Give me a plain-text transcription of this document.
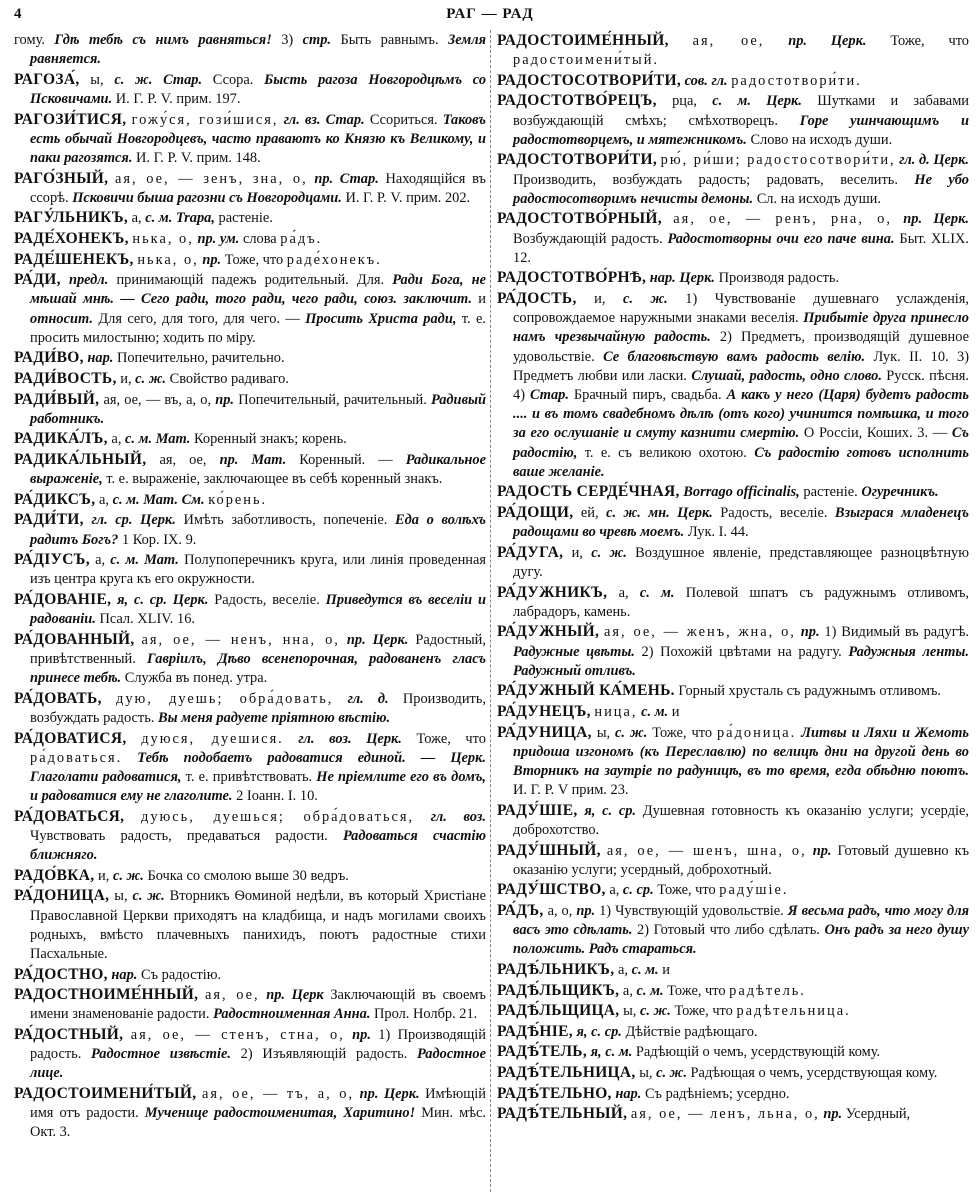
4	РАГ — РАД

гому. Гдѣ тебѣ съ нимъ равняться! 3) стр. Быть равнымъ. Земля равняется.

РАГОЗА́, ы, с. ж. Стар. Ссора. Бысть рагоза Новгородцѣмъ со Псковичами. И. Г. Р. V. прим. 197.

РАГОЗИ́ТИСЯ, гожу́ся, гози́шися, гл. вз. Стар. Ссориться. Таковъ есть обычай Новгородцевъ, часто праваютъ ко Князю къ Великому, и паки рагозятся. И. Г. Р. V. прим. 148.

РАГО́ЗНЫЙ, ая, ое, — зенъ, зна, о, пр. Стар. Находящійся въ ссорѣ. Псковичи быша рагозни съ Новгородцами. И. Г. Р. V. прим. 202.

РАГУ́ЛЬНИКЪ, а, с. м. Trapa, растеніе.

РАДЕ́ХОНЕКЪ, нька, о, пр. ум. слова ра́дъ.

РАДЕ́ШЕНЕКЪ, нька, о, пр. Тоже, что раде́хонекъ.

РА́ДИ, предл. принимающій падежъ родительный. Для. Ради Бога, не мѣшай мнѣ. — Сего ради, того ради, чего ради, союз. заключит. и относит. Для сего, для того, для чего. — Просить Христа ради, т. е. просить милостыню; ходить по міру.

РАДИ́ВО, нар. Попечительно, рачительно.

РАДИ́ВОСТЬ, и, с. ж. Свойство радиваго.

РАДИ́ВЫЙ, ая, ое, — въ, а, о, пр. Попечительный, рачительный. Радивый работникъ.

РАДИКА́ЛЪ, а, с. м. Мат. Коренный знакъ; корень.

РАДИКА́ЛЬНЫЙ, ая, ое, пр. Мат. Коренный. — Радикальное выраженіе, т. е. выраженіе, заключающее въ себѣ коренный знакъ.

РА́ДИКСЪ, а, с. м. Мат. См. ко́рень.

РАДИ́ТИ, гл. ср. Церк. Имѣть заботливость, попеченіе. Еда о волѣхъ радитъ Богъ? 1 Кор. IX. 9.

РА́ДІУСЪ, а, с. м. Мат. Полупоперечникъ круга, или линія проведенная изъ центра круга къ его окружности.

РА́ДОВАНІЕ, я, с. ср. Церк. Радость, веселіе. Приведутся въ веселіи и радованіи. Псал. XLIV. 16.

РА́ДОВАННЫЙ, ая, ое, — ненъ, нна, о, пр. Церк. Радостный, привѣтственный. Гавріилъ, Дѣво всенепорочная, радованенъ гласъ принесе тебѣ. Служба въ понед. утра.

РА́ДОВАТЬ, дую, дуешь; обра́довать, гл. д. Производить, возбуждать радость. Вы меня радуете пріятною вѣстію.

РА́ДОВАТИСЯ, дуюся, дуешися. гл. воз. Церк. Тоже, что ра́доваться. Тебѣ подобаетъ радоватися единой. — Церк. Глаголати радоватися, т. е. привѣтствовать. Не пріемлите его въ домъ, и радоватися ему не глаголите. 2 Іоанн. I. 10.

РА́ДОВАТЬСЯ, дуюсь, дуешься; обра́доваться, гл. воз. Чувствовать радость, предаваться радости. Радоваться счастію ближняго.

РАДО́ВКА, и, с. ж. Бочка со смолою выше 30 ведръ.

РА́ДОНИЦА, ы, с. ж. Вторникъ Ѳоминой недѣли, въ который Христіане Православной Церкви приходятъ на кладбища, и надъ могилами своихъ родныхъ, вмѣсто плачевныхъ панихидъ, поютъ радостные стихи Пасхальные.

РА́ДОСТНО, нар. Съ радостію.

РАДОСТНОИМЕ́ННЫЙ, ая, ое, пр. Церк Заключающій въ своемъ имени знаменованіе радости. Радостноименная Анна. Прол. Нолбр. 21.

РА́ДОСТНЫЙ, ая, ое, — стенъ, стна, о, пр. 1) Производящій радость. Радостное извѣстіе. 2) Изъявляющій радость. Радостное лице.

РАДОСТОИМЕНИ́ТЫЙ, ая, ое, — тъ, а, о, пр. Церк. Имѣющій имя отъ радости. Мученице радостоименитая, Харитино! Мин. мѣс. Окт. 3.

РАДОСТОИМЕ́ННЫЙ, ая, ое, пр. Церк. Тоже, что радостоимени́тый.

РАДОСТОСОТВОРИ́ТИ, сов. гл. радостотвори́ти.

РАДОСТОТВО́РЕЦЪ, рца, с. м. Церк. Шутками и забавами возбуждающій смѣхъ; смѣхотворецъ. Горе ушнчающимъ и радостотворцемъ, и мятежникомъ. Слово на исходъ души.

РАДОСТОТВОРИ́ТИ, рю́, ри́ши; радостосотвори́ти, гл. д. Церк. Производить, возбуждать радость; радовать, веселить. Не убо радостосотворимъ нечисты демоны. Сл. на исходъ души.

РАДОСТОТВО́РНЫЙ, ая, ое, — ренъ, рна, о, пр. Церк. Возбуждающій радость. Радостотворны очи его паче вина. Быт. XLIX. 12.

РАДОСТОТВО́РНѢ, нар. Церк. Производя радость.

РА́ДОСТЬ, и, с. ж. 1) Чувствованіе душевнаго услажденія, сопровождаемое наружными знаками веселія. Прибытіе друга принесло намъ чрезвычайную радость. 2) Предметъ, производящій душевное удовольствіе. Се благовѣствую вамъ радость велію. Лук. II. 10. 3) Предметъ любви или ласки. Слушай, радость, одно слово. Русск. пѣсня. 4) Стар. Брачный пиръ, свадьба. А какъ у него (Царя) будетъ радость .... и въ томъ свадебномъ дѣлѣ (отъ кого) учинится помѣшка, и того за его ослушаніе и смуту казнити смертію. О Россіи, Коших. 3. — Съ радостію, т. е. съ великою охотою. Съ радостію готовъ исполнить ваше желаніе.

РАДОСТЬ СЕРДЕ́ЧНАЯ, Borrago officinalis, растеніе. Огуречникъ.

РА́ДОЩИ, ей, с. ж. мн. Церк. Радость, веселіе. Взыграся младенецъ радощами во чревѣ моемъ. Лук. I. 44.

РА́ДУГА, и, с. ж. Воздушное явленіе, представляющее разноцвѣтную дугу.

РА́ДУЖНИКЪ, а, с. м. Полевой шпатъ съ радужнымъ отливомъ, лабрадоръ, камень.

РА́ДУЖНЫЙ, ая, ое, — женъ, жна, о, пр. 1) Видимый въ радугѣ. Радужные цвѣты. 2) Похожій цвѣтами на радугу. Радужныя ленты. Радужный отливъ.

РА́ДУЖНЫЙ КА́МЕНЬ. Горный хрусталь съ радужнымъ отливомъ.

РА́ДУНЕЦЪ, ница, с. м. и

РА́ДУНИЦА, ы, с. ж. Тоже, что ра́доница. Литвы и Ляхи и Жемоть придоша изгономъ (къ Переславлю) по велицѣ дни на другой день во Вторникъ на заутріе по радуницѣ, въ то время, егда обѣдню поютъ. И. Г. Р. V прим. 23.

РАДУ́ШІЕ, я, с. ср. Душевная готовность къ оказанію услуги; усердіе, доброхотство.

РАДУ́ШНЫЙ, ая, ое, — шенъ, шна, о, пр. Готовый душевно къ оказанію услуги; усердный, доброхотный.

РАДУ́ШСТВО, а, с. ср. Тоже, что раду́шіе.

РА́ДЪ, а, о, пр. 1) Чувствующій удовольствіе. Я весьма радъ, что могу для васъ это сдѣлать. 2) Готовый что либо сдѣлать. Онъ радъ за него душу положить. Радъ стараться.

РАДѢ́ЛЬНИКЪ, а, с. м. и

РАДѢ́ЛЬЩИКЪ, а, с. м. Тоже, что радѣтель.

РАДѢ́ЛЬЩИЦА, ы, с. ж. Тоже, что радѣтельница.

РАДѢ́НІЕ, я, с. ср. Дѣйствіе радѣющаго.

РАДѢ́ТЕЛЬ, я, с. м. Радѣющій о чемъ, усердствующій кому.

РАДѢ́ТЕЛЬНИЦА, ы, с. ж. Радѣющая о чемъ, усердствующая кому.

РАДѢ́ТЕЛЬНО, нар. Съ радѣніемъ; усердно.

РАДѢ́ТЕЛЬНЫЙ, ая, ое, — ленъ, льна, о, пр. Усердный,
